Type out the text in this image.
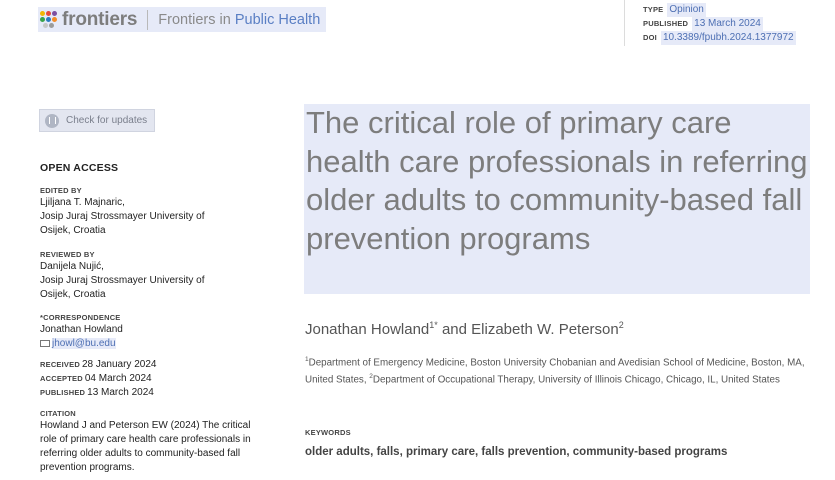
frontiers Frontiers in Public Health
TYPE Opinion
PUBLISHED 13 March 2024
DOI 10.3389/fpubh.2024.1377972
Check for updates
OPEN ACCESS
EDITED BY
Ljiljana T. Majnaric,
Josip Juraj Strossmayer University of Osijek, Croatia
REVIEWED BY
Danijela Nujić,
Josip Juraj Strossmayer University of Osijek, Croatia
*CORRESPONDENCE
Jonathan Howland
jhowl@bu.edu
RECEIVED 28 January 2024
ACCEPTED 04 March 2024
PUBLISHED 13 March 2024
CITATION
Howland J and Peterson EW (2024) The critical role of primary care health care professionals in referring older adults to community-based fall prevention programs.
The critical role of primary care health care professionals in referring older adults to community-based fall prevention programs
Jonathan Howland$^{1*}$ and Elizabeth W. Peterson$^2$
$^1$Department of Emergency Medicine, Boston University Chobanian and Avedisian School of Medicine, Boston, MA, United States, $^2$Department of Occupational Therapy, University of Illinois Chicago, Chicago, IL, United States
KEYWORDS
older adults, falls, primary care, falls prevention, community-based programs
